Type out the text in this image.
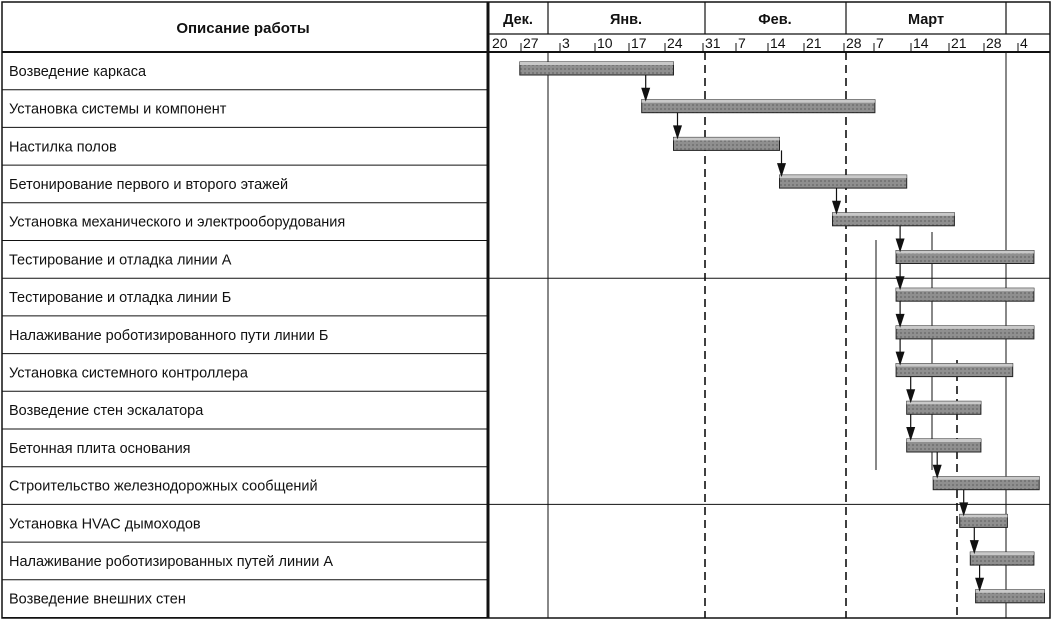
Описание работы	Дек.	Янв.	Фев.	Март
20 27 3 10 17 24 31 7 14 21 28 7 14 21 28 4
Возведение каркаса
Установка системы и компонент
Настилка полов
Бетонирование первого и второго этажей
Установка механического и электрооборудования
Тестирование и отладка линии А
Тестирование и отладка линии Б
Налаживание роботизированного пути линии Б
Установка системного контроллера
Возведение стен эскалатора
Бетонная плита основания
Строительство железнодорожных сообщений
Установка HVAC дымоходов
Налаживание роботизированных путей линии А
Возведение внешних стен
